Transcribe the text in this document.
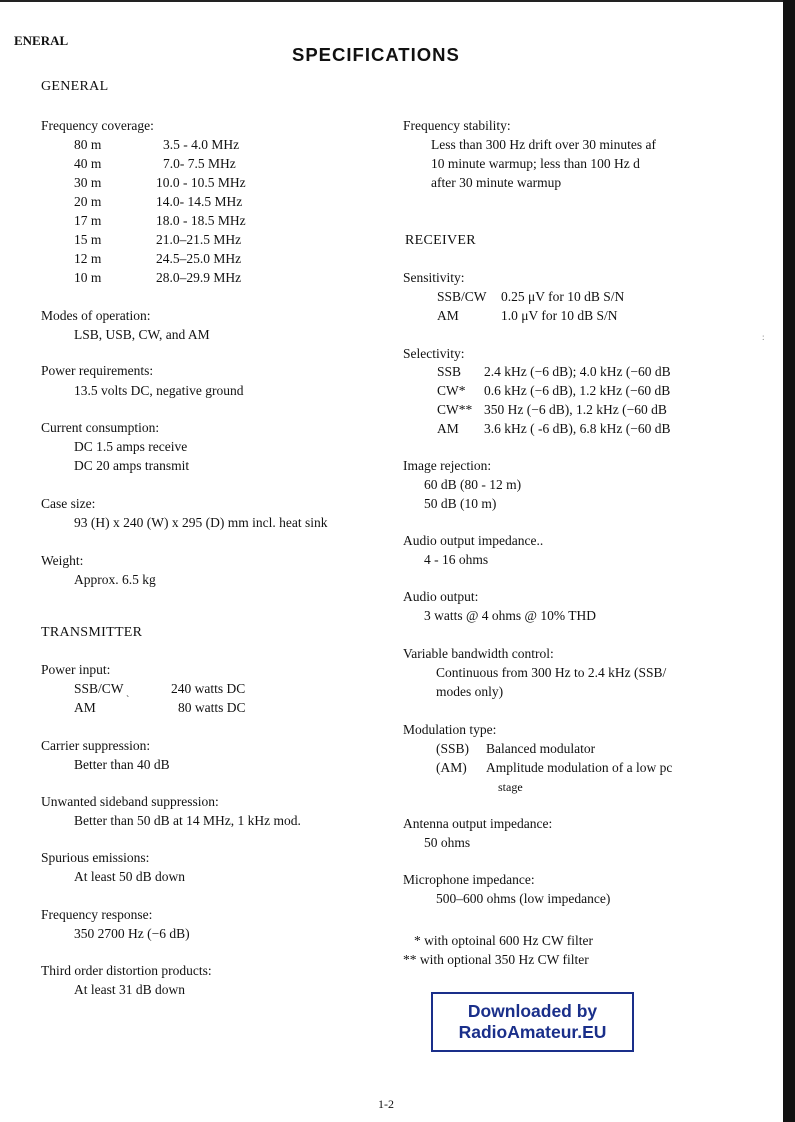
ENERAL
SPECIFICATIONS
GENERAL
Frequency coverage:
80 m	3.5 - 4.0 MHz
40 m	7.0- 7.5 MHz
30 m	10.0 - 10.5 MHz
20 m	14.0- 14.5 MHz
17 m	18.0 - 18.5 MHz
15 m	21.0–21.5 MHz
12 m	24.5–25.0 MHz
10 m	28.0–29.9 MHz
Modes of operation:
LSB, USB, CW, and AM
Power requirements:
13.5 volts DC, negative ground
Current consumption:
DC 1.5 amps receive
DC 20 amps transmit
Case size:
93 (H) x 240 (W) x 295 (D) mm incl. heat sink
Weight:
Approx. 6.5 kg
TRANSMITTER
Power input:
SSB/CW	240 watts DC
AM	`	80 watts DC
Carrier suppression:
Better than 40 dB
Unwanted sideband suppression:
Better than 50 dB at 14 MHz, 1 kHz mod.
Spurious emissions:
At least 50 dB down
Frequency response:
350 2700 Hz (−6 dB)
Third order distortion products:
At least 31 dB down
Frequency stability:
Less than 300 Hz drift over 30 minutes af
10 minute warmup; less than 100 Hz d
after 30 minute warmup
RECEIVER
Sensitivity:
SSB/CW 0.25 μV for 10 dB S/N
AM	1.0 μV for 10 dB S/N
Selectivity:
SSB 2.4 kHz (−6 dB); 4.0 kHz (−60 dB
CW* 0.6 kHz (−6 dB), 1.2 kHz (−60 dB
CW** 350 Hz (−6 dB), 1.2 kHz (−60 dB
AM 3.6 kHz ( -6 dB), 6.8 kHz (−60 dB
Image rejection:
60 dB (80 - 12 m)
50 dB (10 m)
Audio output impedance..
4 - 16 ohms
Audio output:
3 watts @ 4 ohms @ 10% THD
Variable bandwidth control:
Continuous from 300 Hz to 2.4 kHz (SSB/
modes only)
Modulation type:
(SSB) Balanced modulator
(AM) Amplitude modulation of a low pc
stage
Antenna output impedance:
50 ohms
Microphone impedance:
500–600 ohms (low impedance)
* with optoinal 600 Hz CW filter
** with optional 350 Hz CW filter
Downloaded by
RadioAmateur.EU
:
1-2
